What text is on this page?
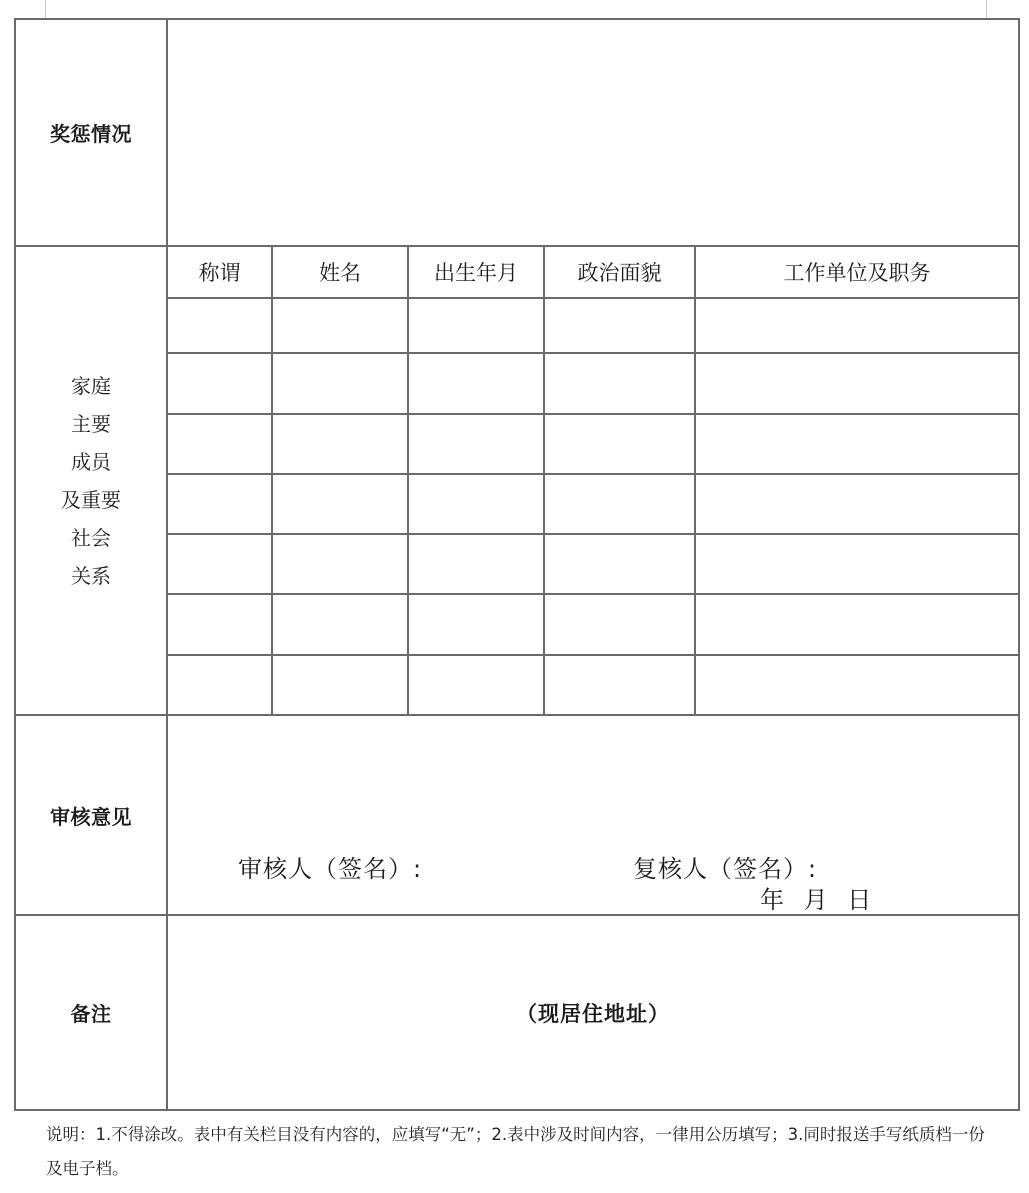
奖惩情况					

家庭
主要
成员
及重要
社会
关系
	称谓	姓名	出生年月	政治面貌	工作单位及职务

审核意见	审核人（签名）: 复核人（签名）:
年 月 日				

备注	（现居住地址）				
说明：1.不得涂改。表中有关栏目没有内容的，应填写“无”；2.表中涉及时间内容，一律用公历填写；3.同时报送手写纸质档一份及电子档。
